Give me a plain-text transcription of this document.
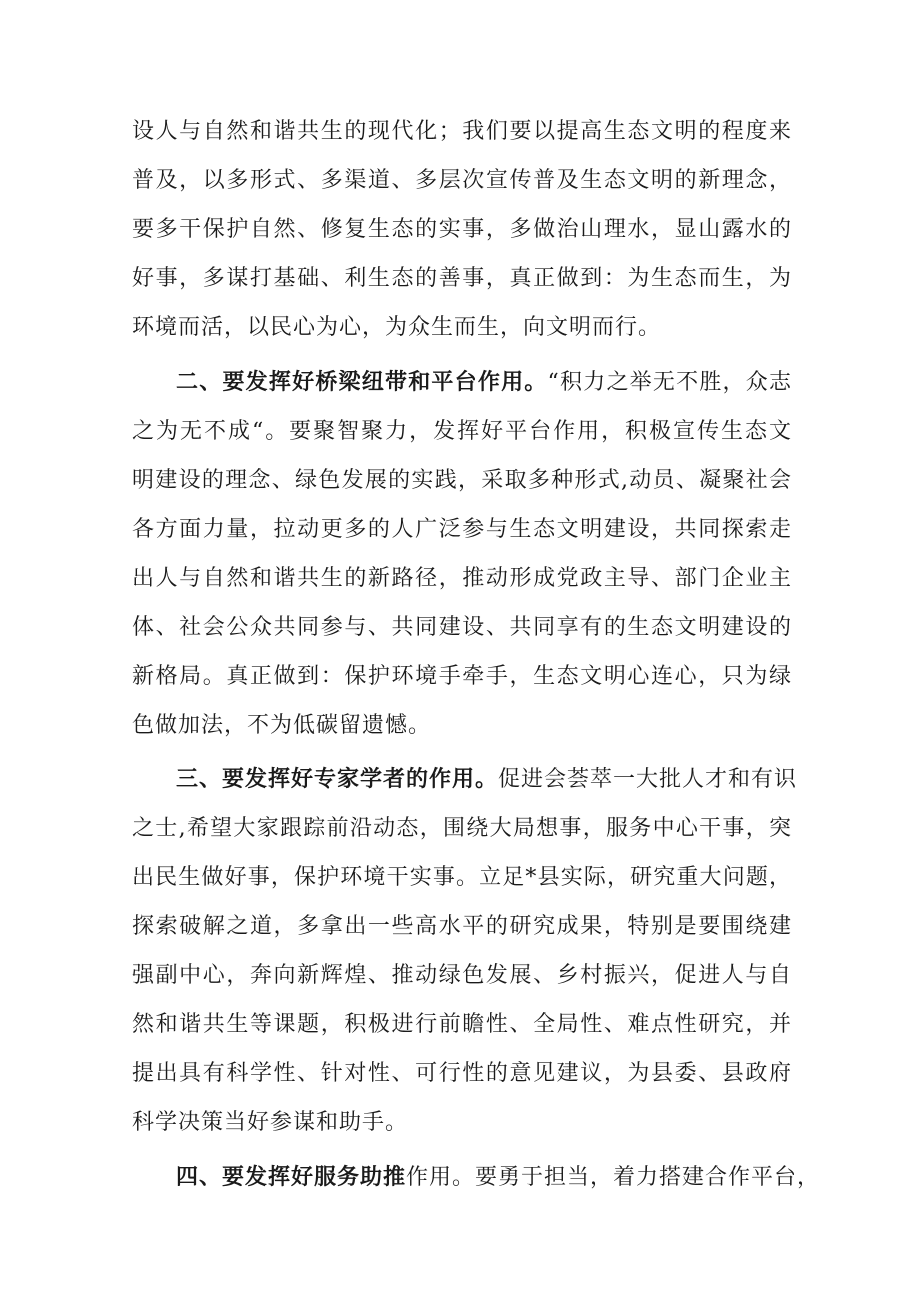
设人与自然和谐共生的现代化；我们要以提高生态文明的程度来
普及，以多形式、多渠道、多层次宣传普及生态文明的新理念，
要多干保护自然、修复生态的实事，多做治山理水，显山露水的
好事，多谋打基础、利生态的善事，真正做到：为生态而生，为
环境而活，以民心为心，为众生而生，向文明而行。
二、要发挥好桥梁纽带和平台作用。“积力之举无不胜，众志
之为无不成“。要聚智聚力，发挥好平台作用，积极宣传生态文
明建设的理念、绿色发展的实践，采取多种形式,动员、凝聚社会
各方面力量，拉动更多的人广泛参与生态文明建设，共同探索走
出人与自然和谐共生的新路径，推动形成党政主导、部门企业主
体、社会公众共同参与、共同建设、共同享有的生态文明建设的
新格局。真正做到：保护环境手牵手，生态文明心连心，只为绿
色做加法，不为低碳留遗憾。
三、要发挥好专家学者的作用。促进会荟萃一大批人才和有识
之士,希望大家跟踪前沿动态，围绕大局想事，服务中心干事，突
出民生做好事，保护环境干实事。立足*县实际，研究重大问题，
探索破解之道，多拿出一些高水平的研究成果，特别是要围绕建
强副中心，奔向新辉煌、推动绿色发展、乡村振兴，促进人与自
然和谐共生等课题，积极进行前瞻性、全局性、难点性研究，并
提出具有科学性、针对性、可行性的意见建议，为县委、县政府
科学决策当好参谋和助手。
四、要发挥好服务助推作用。要勇于担当，着力搭建合作平台，
